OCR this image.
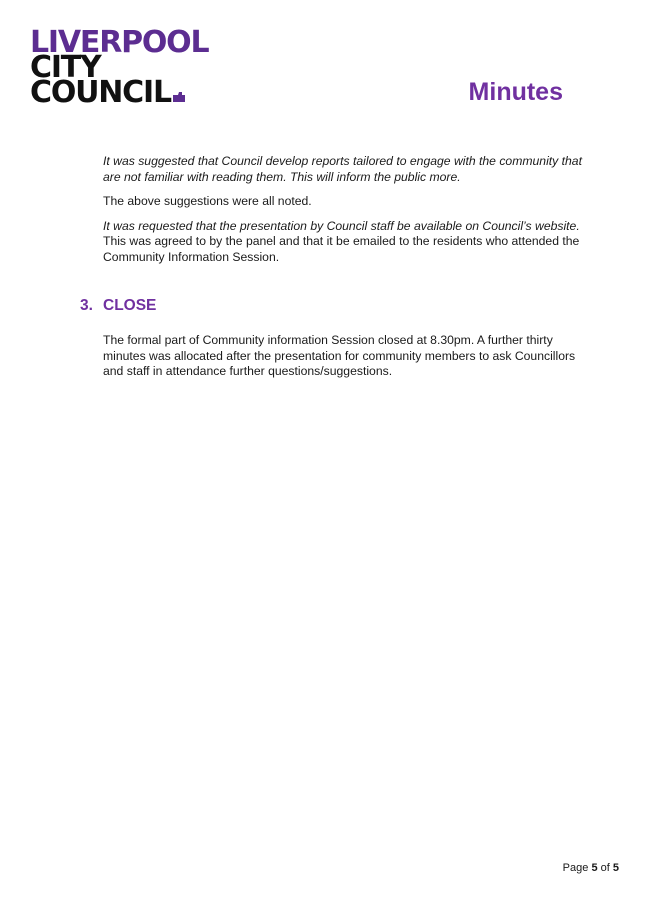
LIVERPOOL
CITY
COUNCIL	Minutes

It was suggested that Council develop reports tailored to engage with the community that are not familiar with reading them. This will inform the public more.

The above suggestions were all noted.

It was requested that the presentation by Council staff be available on Council’s website. This was agreed to by the panel and that it be emailed to the residents who attended the Community Information Session.

3. CLOSE

The formal part of Community information Session closed at 8.30pm. A further thirty minutes was allocated after the presentation for community members to ask Councillors and staff in attendance further questions/suggestions.

Page 5 of 5
